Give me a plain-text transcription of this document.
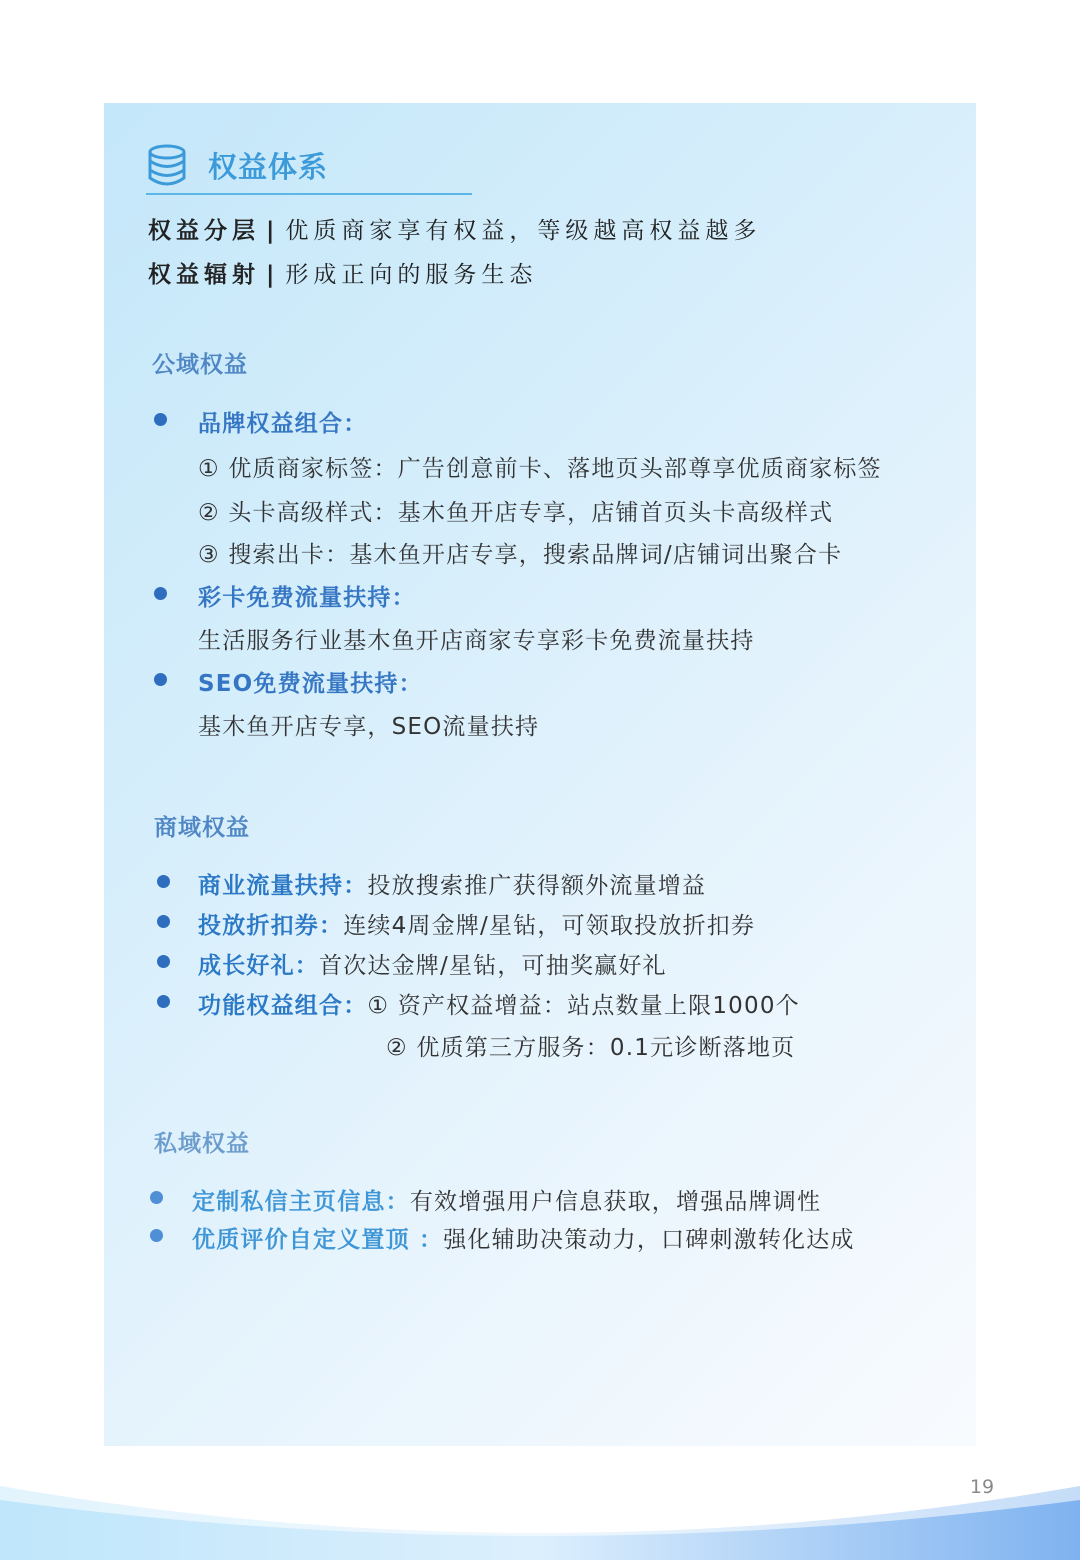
19
权益体系
权益分层 | 优质商家享有权益，等级越高权益越多
权益辐射 | 形成正向的服务生态
公域权益
品牌权益组合：
① 优质商家标签：广告创意前卡、落地页头部尊享优质商家标签
② 头卡高级样式：基木鱼开店专享，店铺首页头卡高级样式
③ 搜索出卡：基木鱼开店专享，搜索品牌词/店铺词出聚合卡
彩卡免费流量扶持：
生活服务行业基木鱼开店商家专享彩卡免费流量扶持
SEO免费流量扶持：
基木鱼开店专享，SEO流量扶持
商域权益
商业流量扶持：投放搜索推广获得额外流量增益
投放折扣券：连续4周金牌/星钻，可领取投放折扣券
成长好礼：首次达金牌/星钻，可抽奖赢好礼
功能权益组合：① 资产权益增益：站点数量上限1000个
② 优质第三方服务：0.1元诊断落地页
私域权益
定制私信主页信息：有效增强用户信息获取，增强品牌调性
优质评价自定义置顶 ：强化辅助决策动力，口碑刺激转化达成
